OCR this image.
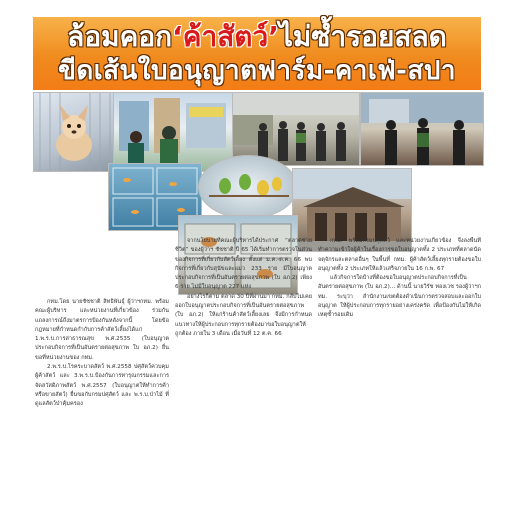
ล้อมคอก‘ค้าสัตว์’ไม่ซ้ำรอยสลด
ขีดเส้นใบอนุญาตฟาร์ม-คาเฟ่-สปา

กทม.โดย นายชัชชาติ สิทธิพันธุ์ ผู้ว่าฯกทม. พร้อมคณะผู้บริหาร และหน่วยงานที่เกี่ยวข้อง ร่วมกันแถลงการณ์ถึงมาตรการป้องกันหลังจากนี้ โดยข้อกฎหมายที่กำหนดกำกับการค้าสัตว์เลี้ยงได้แก่ 1.พ.ร.บ.การสาธารณสุข พ.ศ.2535 (ใบอนุญาตประกอบกิจการที่เป็นอันตรายต่อสุขภาพ ใบ อภ.2) ยื่นขอที่หน่วยงานของ กทม.

2.พ.ร.บ.โรคระบาดสัตว์ พ.ศ.2558 ปศุสัตว์ควบคุมผู้ค้าสัตว์ และ 3.พ.ร.บ.ป้องกันการทารุณกรรมและการจัดสวัสดิภาพสัตว์ พ.ศ.2557 (ใบอนุญาตให้ทำการค้าหรือขายสัตว์) ยื่นขอกับกรมปศุสัตว์ และ พ.ร.บ.ป่าไม้ ที่ดูแลสัตว์ป่าคุ้มครอง

จากนโยบายที่คณะผู้บริหารได้ประกาศ “ตลาดช่วยชีวิต” ของผู้ว่าฯ ชัชชาติ ปี 65 ได้เริ่มทำการตรวจในส่วนของกิจการที่เกี่ยวกับสัตว์เลี้ยง ตั้งแต่ ม.ค.-ต.ค. 66 พบกิจการที่เกี่ยวกับสุนัขและแมว 233 ราย มีใบอนุญาตประกอบกิจการที่เป็นอันตรายต่อสุขภาพ (ใบ อภ.2) เพียง 6 ราย ไม่มีใบอนุญาต 227 แห่ง

อย่างไรก็ตาม ตลาด 30 ปีที่ผ่านมา กทม. กลับไม่เคยออกใบอนุญาตประกอบกิจการที่เป็นอันตรายต่อสุขภาพ (ใบ อภ.2) ให้แก่ร้านค้าสัตว์เลี้ยงเลย จึงมีการกำหนดแนวทางให้ผู้ประกอบการทุกรายต้องมาขอใบอนุญาตให้ถูกต้อง ภายใน 3 เดือน เมื่อวันที่ 12 ต.ค. 66

กทม. พร้อมกรมปศุสัตว์ และหน่วยงานเกี่ยวข้อง จึงลงพื้นที่ทำความเข้าใจผู้ค้าในเรื่องการขอใบอนุญาตทั้ง 2 ประเภทที่ตลาดนัดจตุจักรและตลาดอื่นๆ ในพื้นที่ กทม. ผู้ค้าสัตว์เลี้ยงทุกรายต้องขอใบอนุญาตทั้ง 2 ประเภทให้แล้วเสร็จภายใน 16 ก.พ. 67

แล้วกิจการใดบ้างที่ต้องขอใบอนุญาตประกอบกิจการที่เป็นอันตรายต่อสุขภาพ (ใบ อภ.2)... ด้านนี้ นายวิรัช ทองเวช รองผู้ว่าฯกทม. ระบุว่า สำนักงานเขตต้องดำเนินการตรวจสอบและออกใบอนุญาต ให้ผู้ประกอบการทุกรายอย่างเคร่งครัด เพื่อป้องกันไม่ให้เกิดเหตุซ้ำรอยเดิม
